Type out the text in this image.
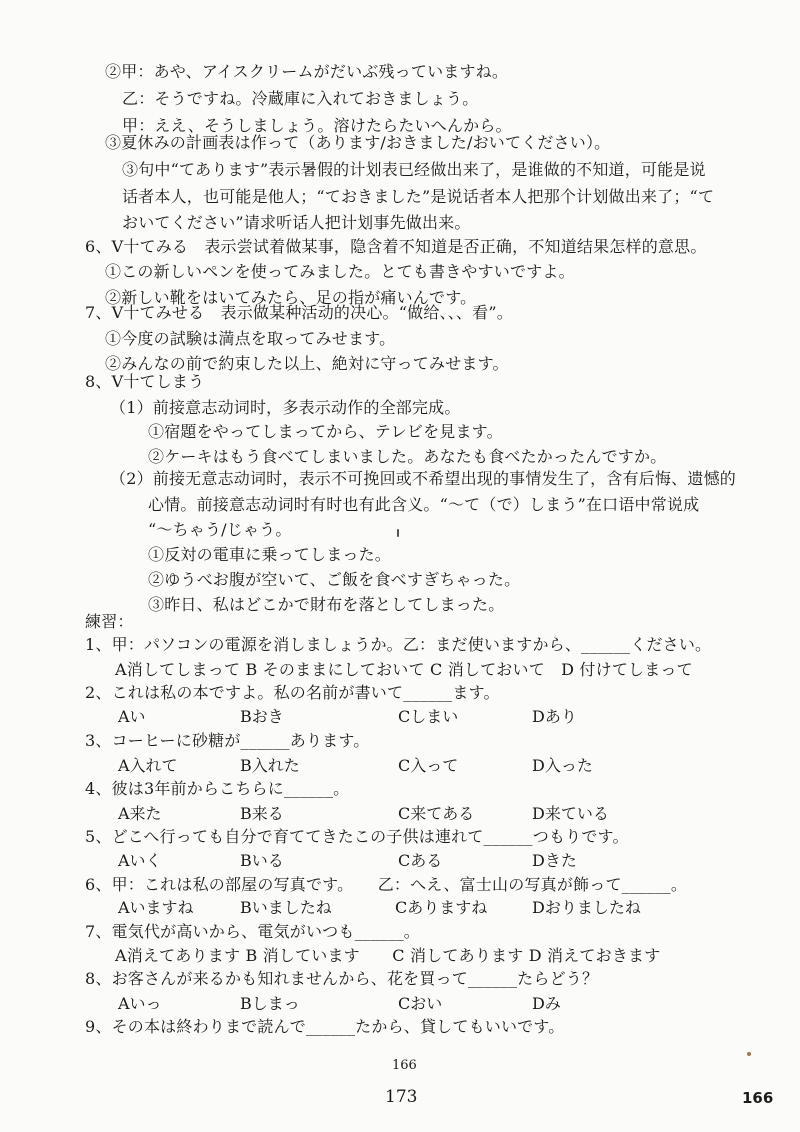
②甲：あや、アイスクリームがだいぶ残っていますね。
乙：そうですね。冷蔵庫に入れておきましょう。
甲：ええ、そうしましょう。溶けたらたいへんから。
③夏休みの計画表は作って（あります/おきました/おいてください）。
③句中“てあります”表示暑假的计划表已经做出来了，是谁做的不知道，可能是说
话者本人，也可能是他人；“ておきました”是说话者本人把那个计划做出来了；“て
おいてください”请求听话人把计划事先做出来。
6、V十てみる　表示尝试着做某事，隐含着不知道是否正确，不知道结果怎样的意思。
①この新しいペンを使ってみました。とても書きやすいですよ。
②新しい靴をはいてみたら、足の指が痛いんです。
7、V十てみせる　表示做某种活动的决心。“做给、、、看”。
①今度の試験は満点を取ってみせます。
②みんなの前で約束した以上、絶対に守ってみせます。
8、V十てしまう
（1）前接意志动词时，多表示动作的全部完成。
①宿題をやってしまってから、テレビを見ます。
②ケーキはもう食べてしまいました。あなたも食べたかったんですか。
（2）前接无意志动词时，表示不可挽回或不希望出现的事情发生了，含有后悔、遗憾的
心情。前接意志动词时有时也有此含义。“～て（で）しまう”在口语中常说成
“～ちゃう/じゃう。
①反対の電車に乗ってしまった。
②ゆうべお腹が空いて、ご飯を食べすぎちゃった。
③昨日、私はどこかで財布を落としてしまった。
練習：
1、甲：パソコンの電源を消しましょうか。乙：まだ使いますから、______ください。
A消してしまって B そのままにしておいて C 消しておいて　D 付けてしまって
2、これは私の本ですよ。私の名前が書いて______ます。
Aい	Bおき	Cしまい	Dあり
3、コーヒーに砂糖が______あります。
A入れて	B入れた	C入って	D入った
4、彼は3年前からこちらに______。
A来た	B来る	C来てある	D来ている
5、どこへ行っても自分で育ててきたこの子供は連れて______つもりです。
Aいく	Bいる	Cある	Dきた
6、甲：これは私の部屋の写真です。　　乙：へえ、富士山の写真が飾って______。
Aいますね	Bいましたね	Cありますね	Dおりましたね
7、電気代が高いから、電気がいつも______。
A消えてあります B 消しています　　C 消してあります D 消えておきます
8、お客さんが来るかも知れませんから、花を買って______たらどう？
Aいっ	Bしまっ	Cおい	Dみ
9、その本は終わりまで読んで______たから、貸してもいいです。
166
173	166
